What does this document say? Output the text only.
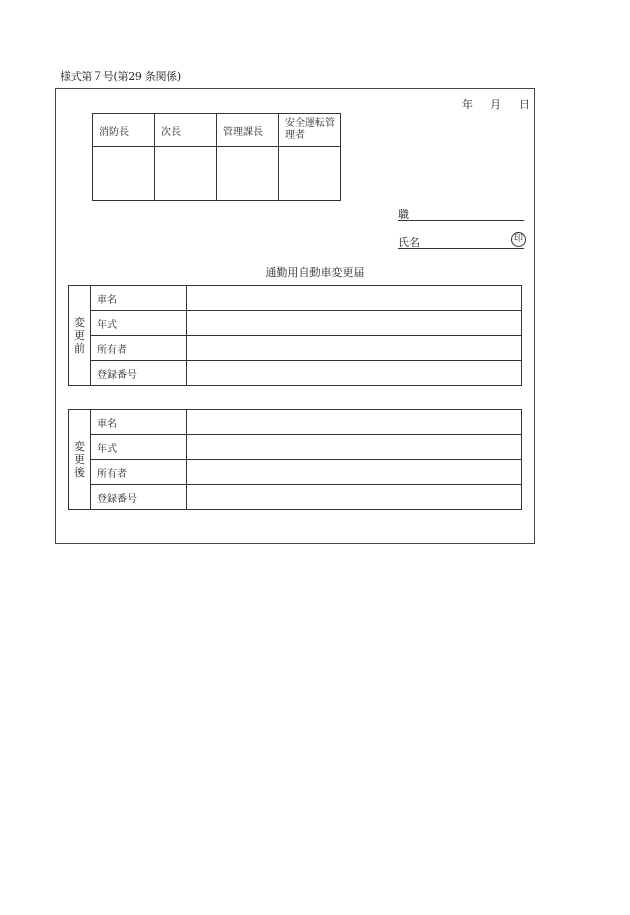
様式第７号(第29 条関係)
年 月 日
消防長	次長	管理課長	安全運転管理者

職
氏名	印
通勤用自動車変更届
変
更
前	車名	
	年式	
	所有者	
	登録番号	
変
更
後	車名	
	年式	
	所有者	
	登録番号	
